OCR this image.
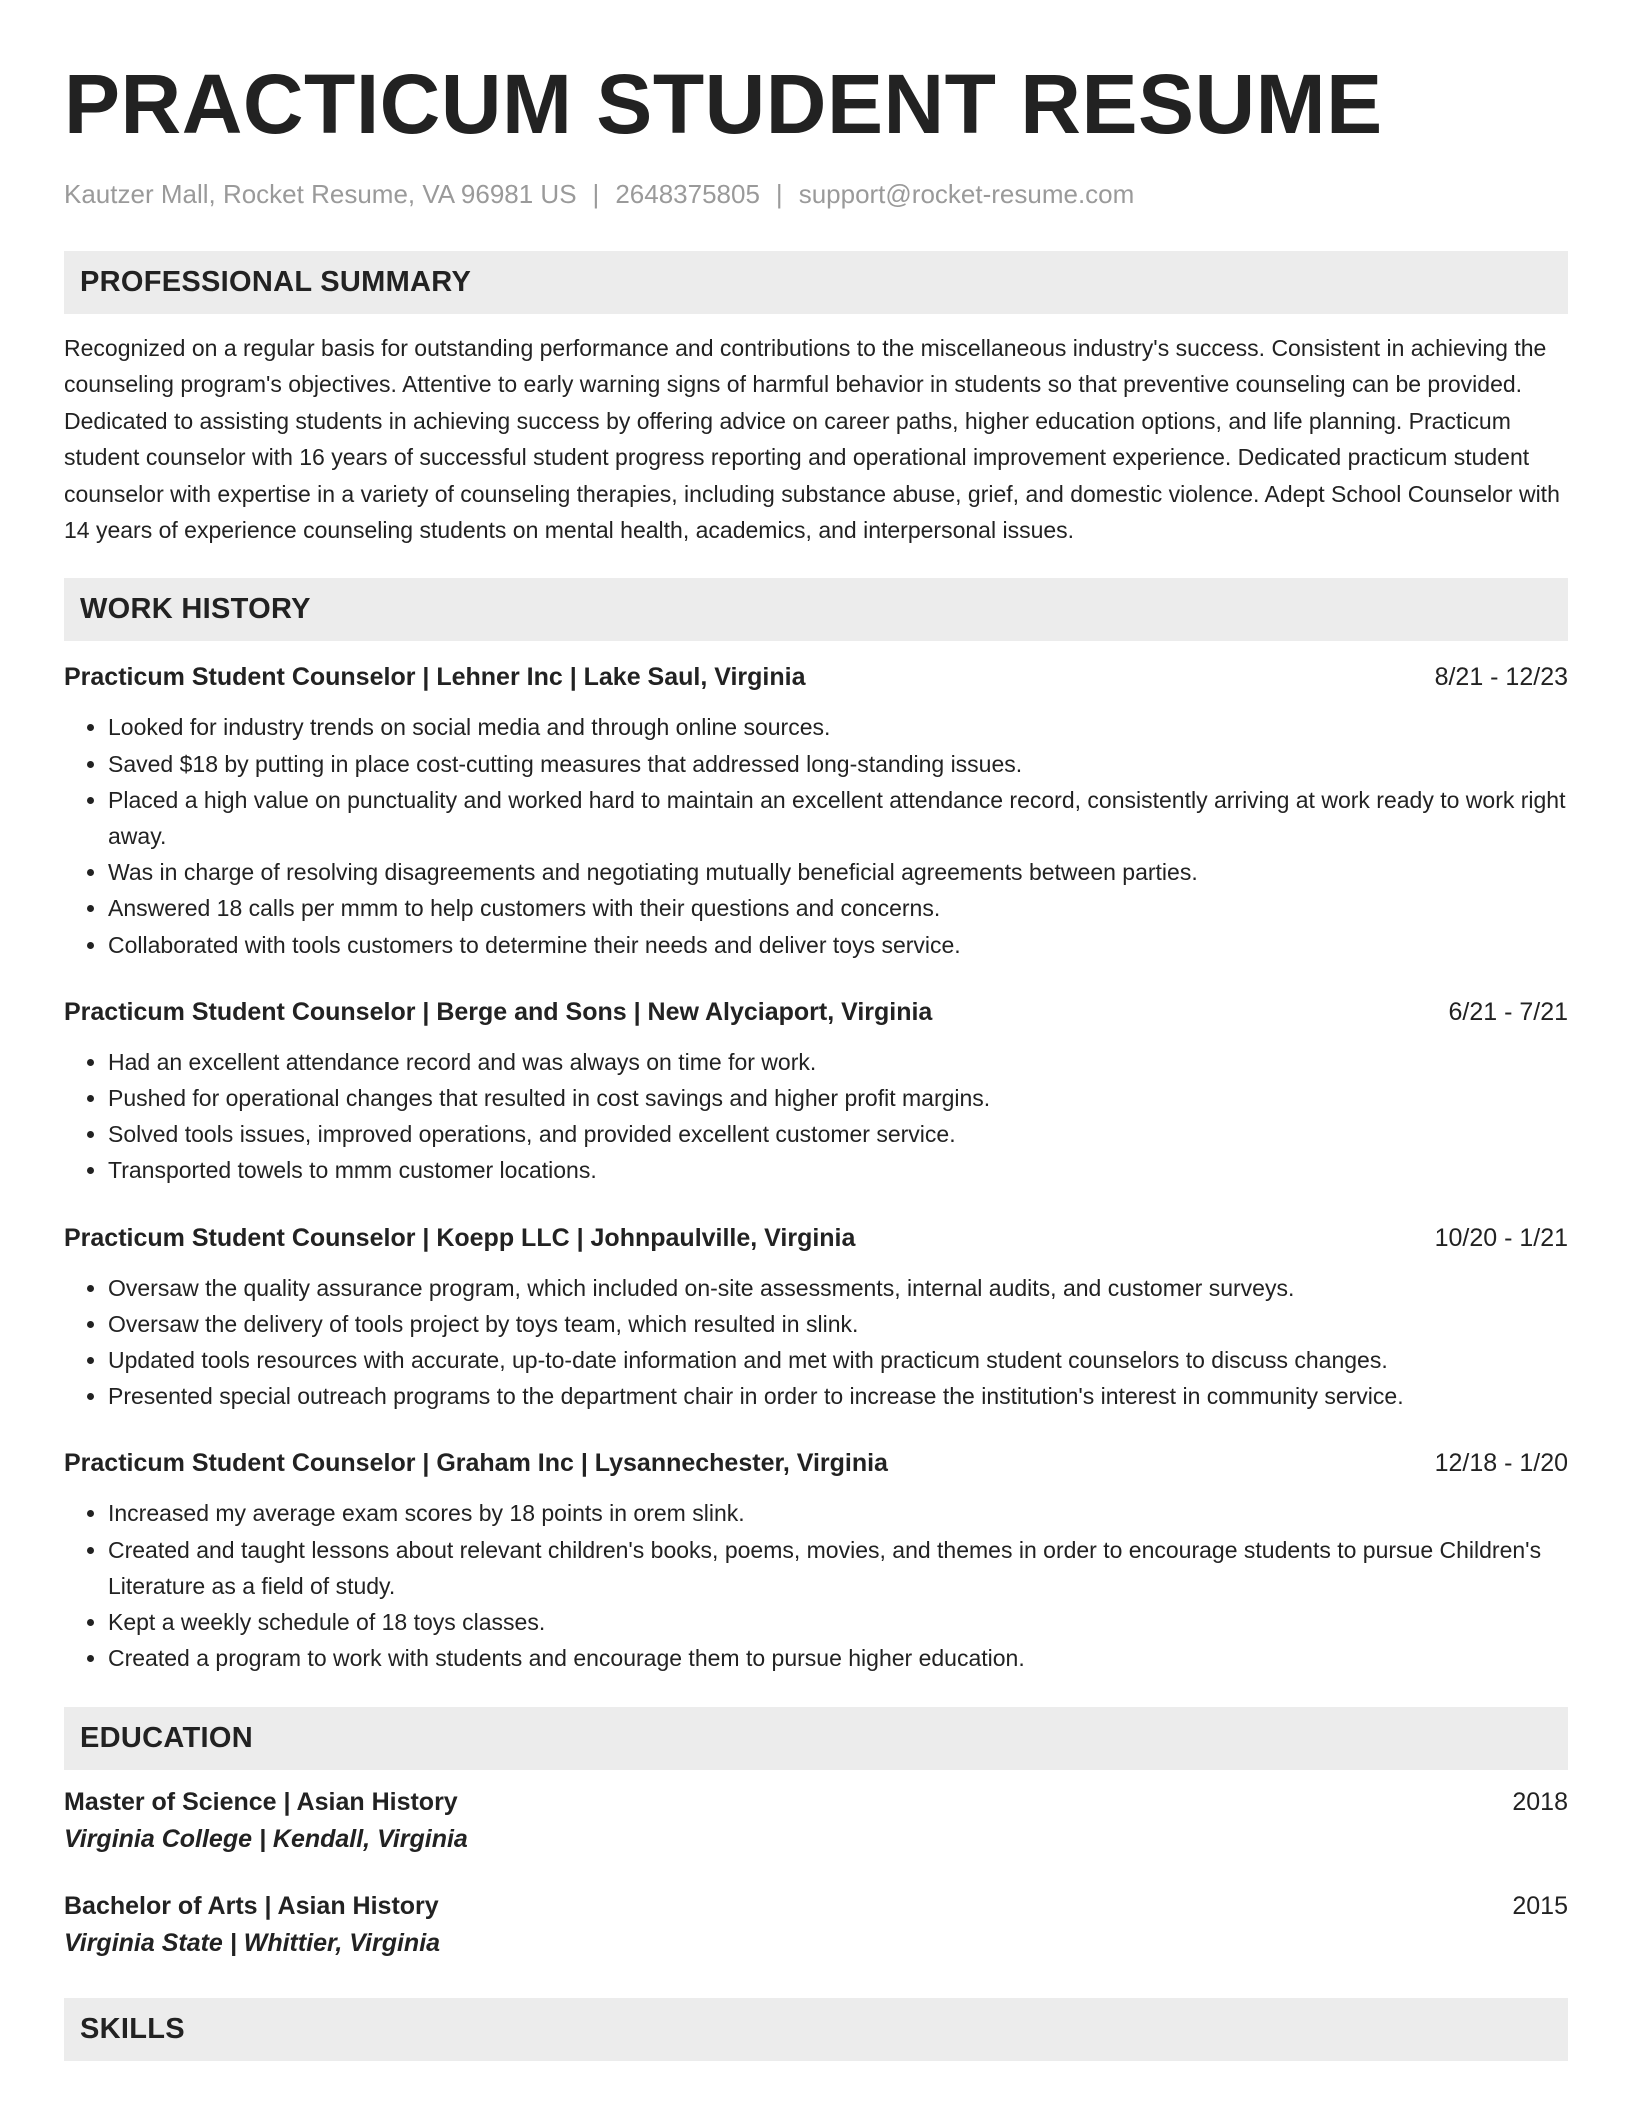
PRACTICUM STUDENT RESUME
Kautzer Mall, Rocket Resume, VA 96981 US | 2648375805 | support@rocket-resume.com
PROFESSIONAL SUMMARY
Recognized on a regular basis for outstanding performance and contributions to the miscellaneous industry's success. Consistent in achieving the counseling program's objectives. Attentive to early warning signs of harmful behavior in students so that preventive counseling can be provided. Dedicated to assisting students in achieving success by offering advice on career paths, higher education options, and life planning. Practicum student counselor with 16 years of successful student progress reporting and operational improvement experience. Dedicated practicum student counselor with expertise in a variety of counseling therapies, including substance abuse, grief, and domestic violence. Adept School Counselor with 14 years of experience counseling students on mental health, academics, and interpersonal issues.
WORK HISTORY
Practicum Student Counselor | Lehner Inc | Lake Saul, Virginia	8/21 - 12/23
• Looked for industry trends on social media and through online sources.
• Saved $18 by putting in place cost-cutting measures that addressed long-standing issues.
• Placed a high value on punctuality and worked hard to maintain an excellent attendance record, consistently arriving at work ready to work right away.
• Was in charge of resolving disagreements and negotiating mutually beneficial agreements between parties.
• Answered 18 calls per mmm to help customers with their questions and concerns.
• Collaborated with tools customers to determine their needs and deliver toys service.
Practicum Student Counselor | Berge and Sons | New Alyciaport, Virginia	6/21 - 7/21
• Had an excellent attendance record and was always on time for work.
• Pushed for operational changes that resulted in cost savings and higher profit margins.
• Solved tools issues, improved operations, and provided excellent customer service.
• Transported towels to mmm customer locations.
Practicum Student Counselor | Koepp LLC | Johnpaulville, Virginia	10/20 - 1/21
• Oversaw the quality assurance program, which included on-site assessments, internal audits, and customer surveys.
• Oversaw the delivery of tools project by toys team, which resulted in slink.
• Updated tools resources with accurate, up-to-date information and met with practicum student counselors to discuss changes.
• Presented special outreach programs to the department chair in order to increase the institution's interest in community service.
Practicum Student Counselor | Graham Inc | Lysannechester, Virginia	12/18 - 1/20
• Increased my average exam scores by 18 points in orem slink.
• Created and taught lessons about relevant children's books, poems, movies, and themes in order to encourage students to pursue Children's Literature as a field of study.
• Kept a weekly schedule of 18 toys classes.
• Created a program to work with students and encourage them to pursue higher education.
EDUCATION
Master of Science | Asian History	2018
Virginia College | Kendall, Virginia
Bachelor of Arts | Asian History	2015
Virginia State | Whittier, Virginia
SKILLS
